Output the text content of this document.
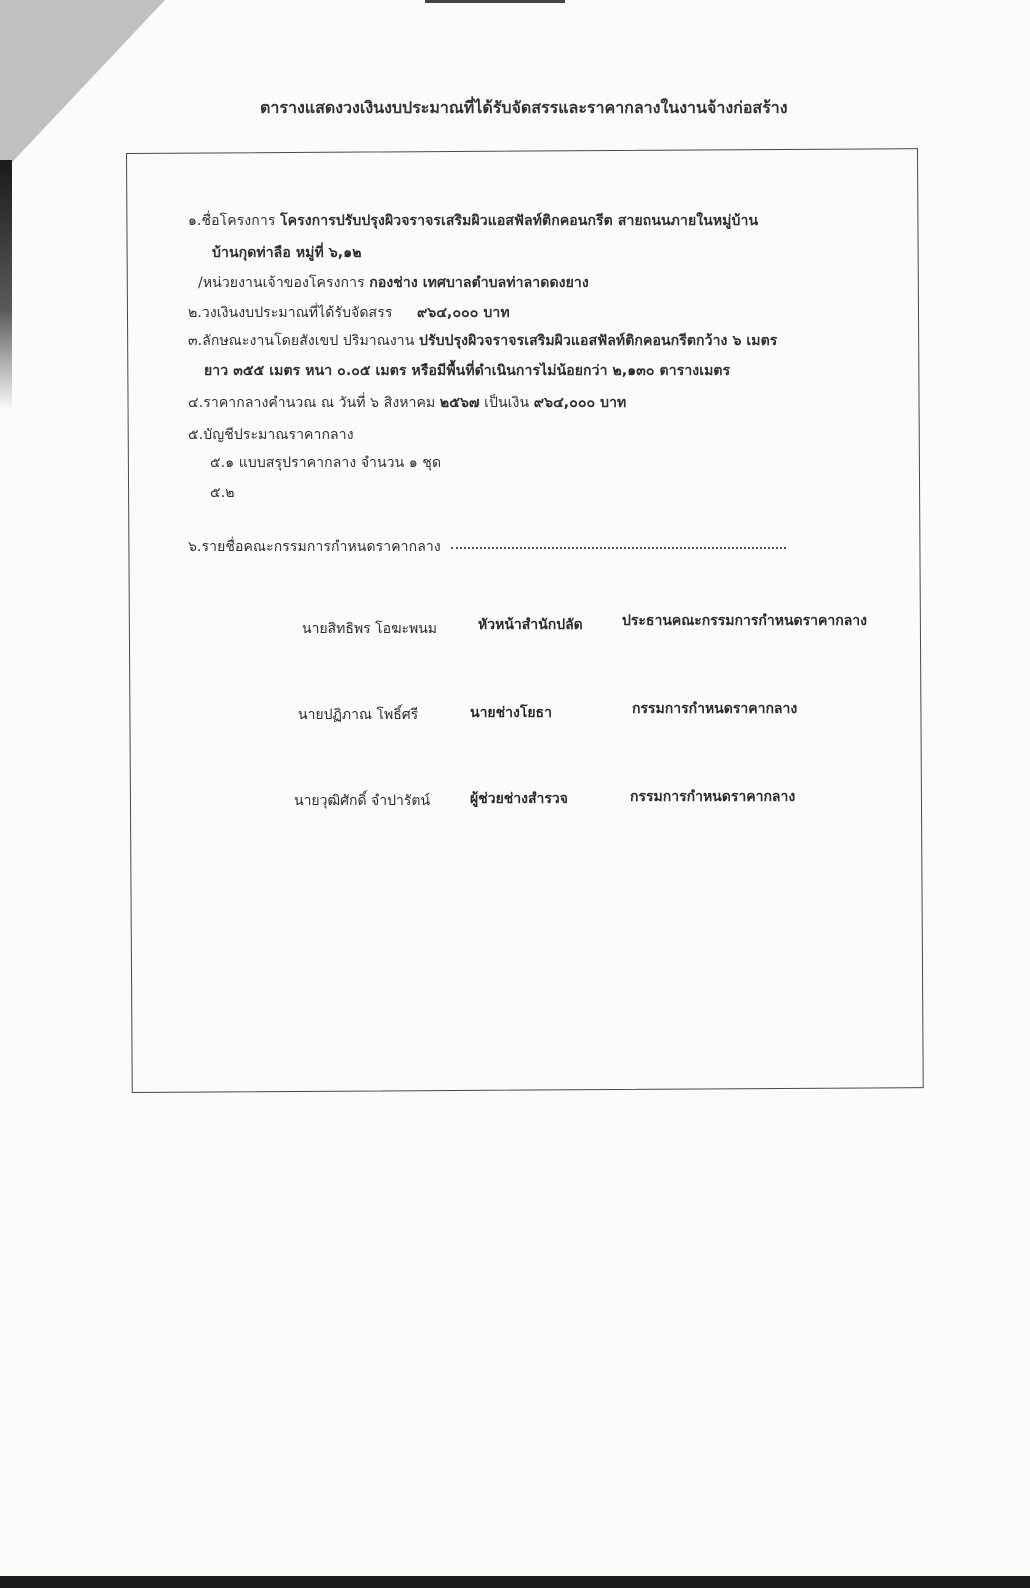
ตารางแสดงวงเงินงบประมาณที่ได้รับจัดสรรและราคากลางในงานจ้างก่อสร้าง
๑.ชื่อโครงการ โครงการปรับปรุงผิวจราจรเสริมผิวแอสฟัลท์ติกคอนกรีต สายถนนภายในหมู่บ้าน
บ้านกุดท่าลือ หมู่ที่ ๖,๑๒
/หน่วยงานเจ้าของโครงการ กองช่าง เทศบาลตำบลท่าลาดดงยาง
๒.วงเงินงบประมาณที่ได้รับจัดสรร ๙๖๔,๐๐๐ บาท
๓.ลักษณะงานโดยสังเขป ปริมาณงาน ปรับปรุงผิวจราจรเสริมผิวแอสฟัลท์ติกคอนกรีตกว้าง ๖ เมตร
ยาว ๓๕๕ เมตร หนา ๐.๐๕ เมตร หรือมีพื้นที่ดำเนินการไม่น้อยกว่า ๒,๑๓๐ ตารางเมตร
๔.ราคากลางคำนวณ ณ วันที่ ๖ สิงหาคม ๒๕๖๗ เป็นเงิน ๙๖๔,๐๐๐ บาท
๕.บัญชีประมาณราคากลาง
๕.๑ แบบสรุปราคากลาง จำนวน ๑ ชุด
๕.๒
๖.รายชื่อคณะกรรมการกำหนดราคากลาง
นายสิทธิพร โอฆะพนม	หัวหน้าสำนักปลัด	ประธานคณะกรรมการกำหนดราคากลาง
นายปฏิภาณ โพธิ์ศรี	นายช่างโยธา	กรรมการกำหนดราคากลาง
นายวุฒิศักดิ์ จำปารัตน์	ผู้ช่วยช่างสำรวจ	กรรมการกำหนดราคากลาง
